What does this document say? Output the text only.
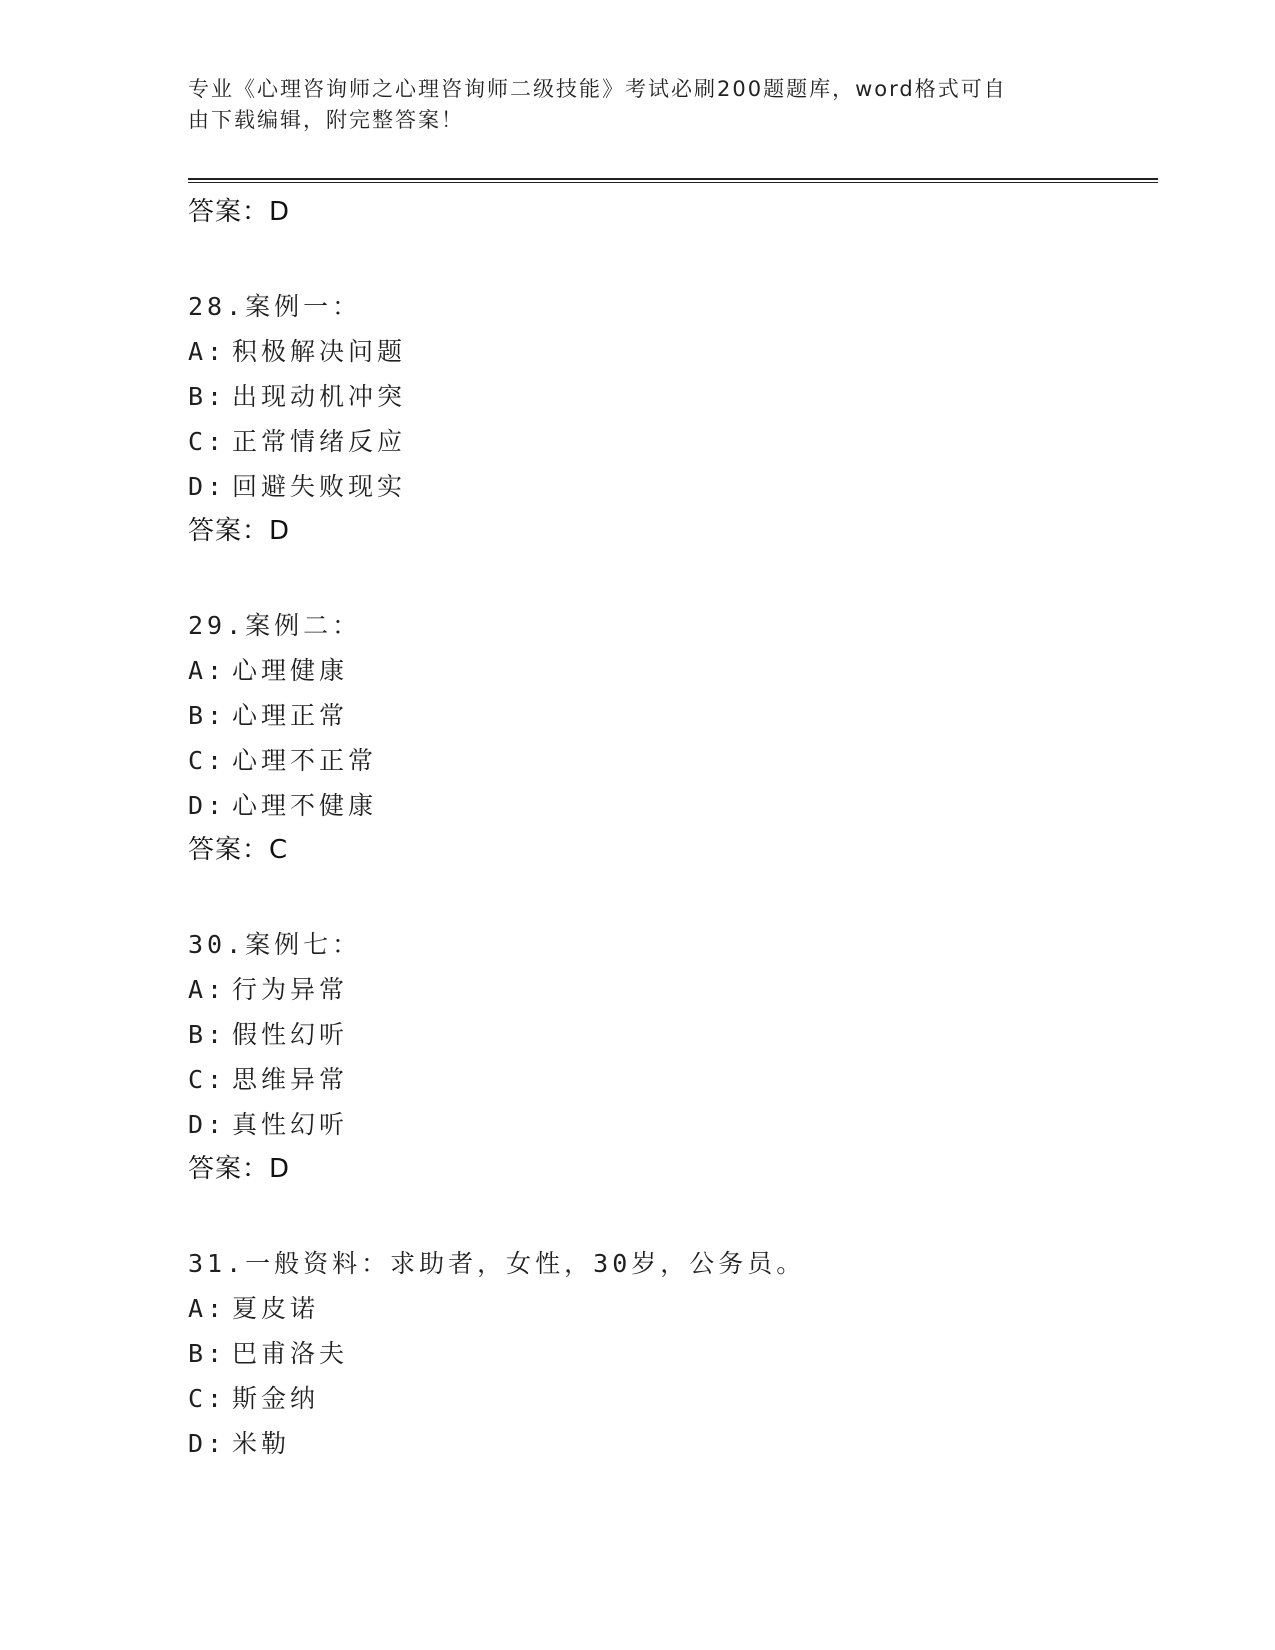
专业《心理咨询师之心理咨询师二级技能》考试必刷200题题库，word格式可自
由下载编辑，附完整答案！
答案：D
28.案例一：
A: 积极解决问题
B: 出现动机冲突
C: 正常情绪反应
D: 回避失败现实
答案：D
29.案例二：
A: 心理健康
B: 心理正常
C: 心理不正常
D: 心理不健康
答案：C
30.案例七：
A: 行为异常
B: 假性幻听
C: 思维异常
D: 真性幻听
答案：D
31.一般资料：求助者，女性，30岁，公务员。
A: 夏皮诺
B: 巴甫洛夫
C: 斯金纳
D: 米勒
